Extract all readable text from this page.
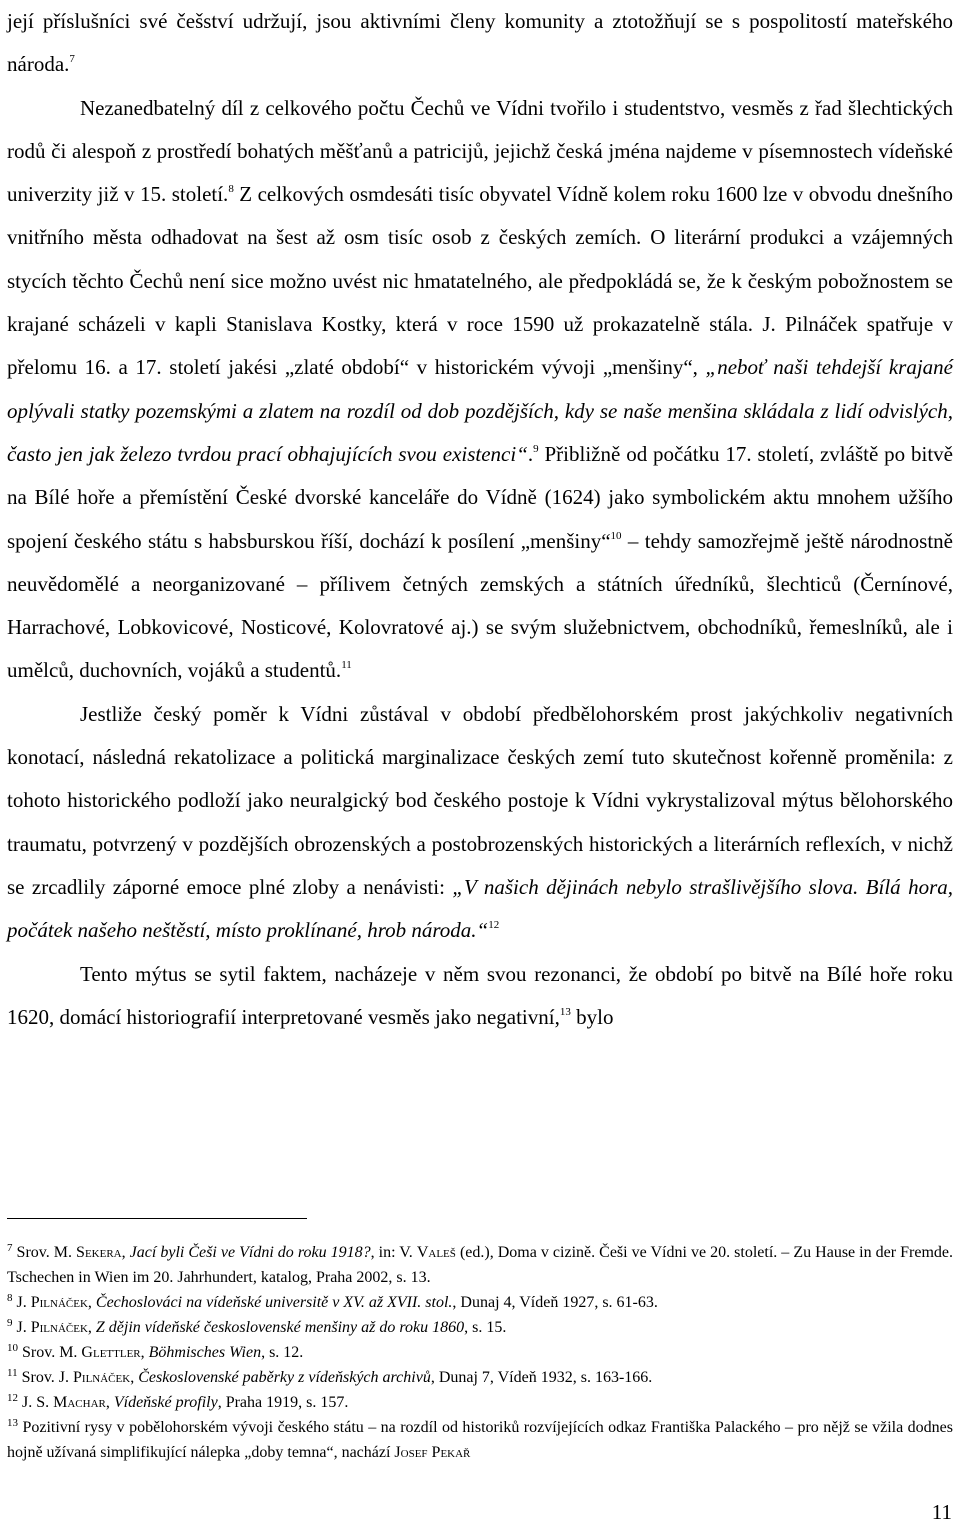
její příslušníci své češství udržují, jsou aktivními členy komunity a ztotožňují se s pospolitostí mateřského národa.$^7$

Nezanedbatelný díl z celkového počtu Čechů ve Vídni tvořilo i studentstvo, vesměs z řad šlechtických rodů či alespoň z prostředí bohatých měšťanů a patricijů, jejichž česká jména najdeme v písemnostech vídeňské univerzity již v 15. století.$^8$ Z celkových osmdesáti tisíc obyvatel Vídně kolem roku 1600 lze v obvodu dnešního vnitřního města odhadovat na šest až osm tisíc osob z českých zemích. O literární produkci a vzájemných stycích těchto Čechů není sice možno uvést nic hmatatelného, ale předpokládá se, že k českým pobožnostem se krajané scházeli v kapli Stanislava Kostky, která v roce 1590 už prokazatelně stála. J. Pilnáček spatřuje v přelomu 16. a 17. století jakési „zlaté období“ v historickém vývoji „menšiny“, „neboť naši tehdejší krajané oplývali statky pozemskými a zlatem na rozdíl od dob pozdějších, kdy se naše menšina skládala z lidí odvislých, často jen jak železo tvrdou prací obhajujících svou existenci“.$^9$ Přibližně od počátku 17. století, zvláště po bitvě na Bílé hoře a přemístění České dvorské kanceláře do Vídně (1624) jako symbolickém aktu mnohem užšího spojení českého státu s habsburskou říší, dochází k posílení „menšiny“$^{10}$ – tehdy samozřejmě ještě národnostně neuvědomělé a neorganizované – přílivem četných zemských a státních úředníků, šlechticů (Černínové, Harrachové, Lobkovicové, Nosticové, Kolovratové aj.) se svým služebnictvem, obchodníků, řemeslníků, ale i umělců, duchovních, vojáků a studentů.$^{11}$

Jestliže český poměr k Vídni zůstával v období předbělohorském prost jakýchkoliv negativních konotací, následná rekatolizace a politická marginalizace českých zemí tuto skutečnost kořenně proměnila: z tohoto historického podloží jako neuralgický bod českého postoje k Vídni vykrystalizoval mýtus bělohorského traumatu, potvrzený v pozdějších obrozenských a postobrozenských historických a literárních reflexích, v nichž se zrcadlily záporné emoce plné zloby a nenávisti: „V našich dějinách nebylo strašlivějšího slova. Bílá hora, počátek našeho neštěstí, místo proklínané, hrob národa.“$^{12}$

Tento mýtus se sytil faktem, nacházeje v něm svou rezonanci, že období po bitvě na Bílé hoře roku 1620, domácí historiografií interpretované vesměs jako negativní,$^{13}$ bylo

$^7$ Srov. M. Sekera, Jací byli Češi ve Vídni do roku 1918?, in: V. Valeš (ed.), Doma v cizině. Češi ve Vídni ve 20. století. – Zu Hause in der Fremde. Tschechen in Wien im 20. Jahrhundert, katalog, Praha 2002, s. 13.

$^8$ J. Pilnáček, Čechoslováci na vídeňské universitě v XV. až XVII. stol., Dunaj 4, Vídeň 1927, s. 61-63.

$^9$ J. Pilnáček, Z dějin vídeňské československé menšiny až do roku 1860, s. 15.

$^{10}$ Srov. M. Glettler, Böhmisches Wien, s. 12.

$^{11}$ Srov. J. Pilnáček, Československé paběrky z vídeňských archivů, Dunaj 7, Vídeň 1932, s. 163-166.

$^{12}$ J. S. Machar, Vídeňské profily, Praha 1919, s. 157.

$^{13}$ Pozitivní rysy v pobělohorském vývoji českého státu – na rozdíl od historiků rozvíjejících odkaz Františka Palackého – pro nějž se vžila dodnes hojně užívaná simplifikující nálepka „doby temna“, nachází Josef Pekař

11
